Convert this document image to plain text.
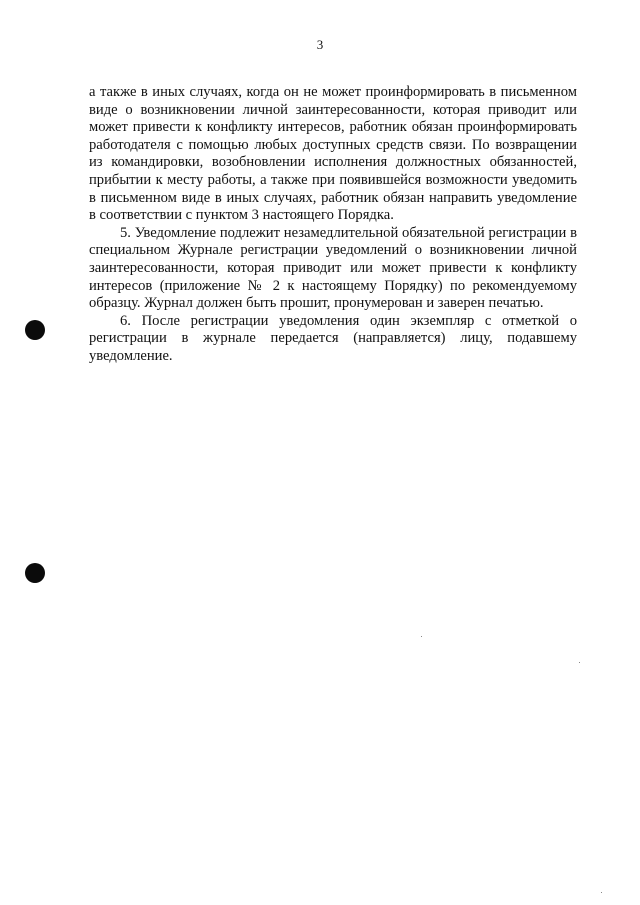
3

а также в иных случаях, когда он не может проинформировать в письменном виде о возникновении личной заинтересованности, которая приводит или может привести к конфликту интересов, работник обязан проинформировать работодателя с помощью любых доступных средств связи. По возвращении из командировки, возобновлении исполнения должностных обязанностей, прибытии к месту работы, а также при появившейся возможности уведомить в письменном виде в иных случаях, работник обязан направить уведомление в соответствии с пунктом 3 настоящего Порядка.

5. Уведомление подлежит незамедлительной обязательной регистрации в специальном Журнале регистрации уведомлений о возникновении личной заинтересованности, которая приводит или может привести к конфликту интересов (приложение № 2 к настоящему Порядку) по рекомендуемому образцу. Журнал должен быть прошит, пронумерован и заверен печатью.

6. После регистрации уведомления один экземпляр с отметкой о регистрации в журнале передается (направляется) лицу, подавшему уведомление.
